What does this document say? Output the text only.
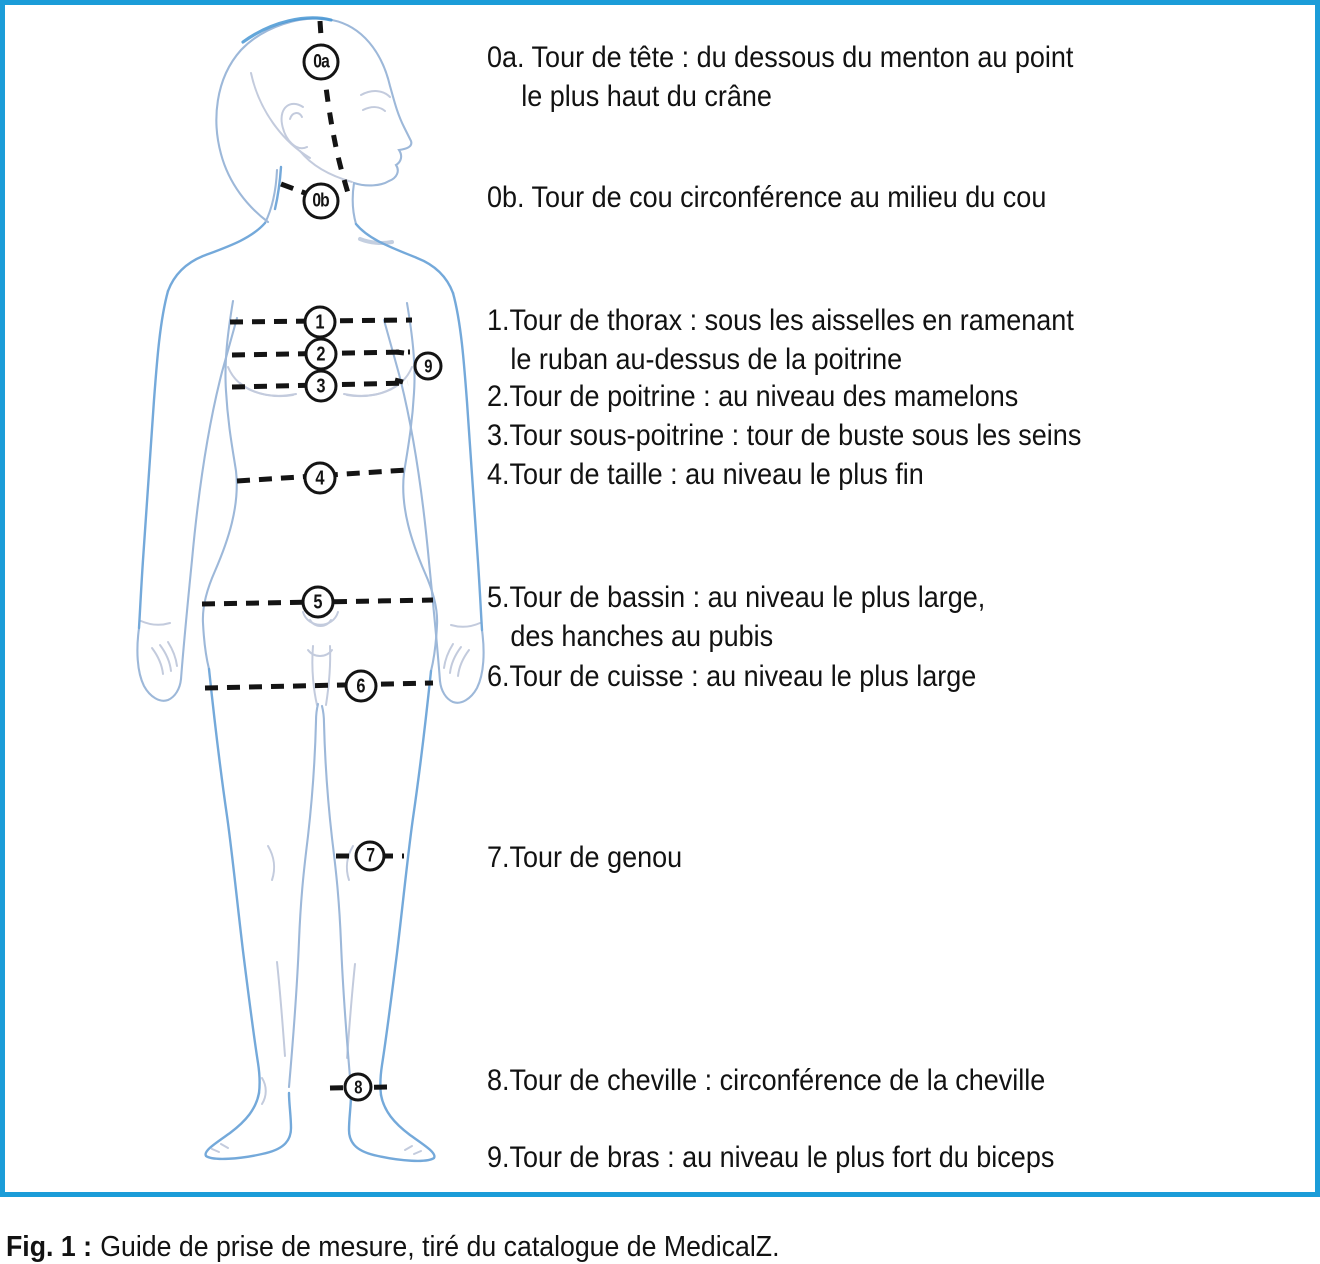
0a
0b
1
2
3
9
4
5
6
7
8
0a. Tour de tête : du dessous du menton au point
le plus haut du crâne
0b. Tour de cou circonférence au milieu du cou
1.Tour de thorax : sous les aisselles en ramenant
le ruban au-dessus de la poitrine
2.Tour de poitrine : au niveau des mamelons
3.Tour sous-poitrine : tour de buste sous les seins
4.Tour de taille : au niveau le plus fin
5.Tour de bassin : au niveau le plus large,
des hanches au pubis
6.Tour de cuisse : au niveau le plus large
7.Tour de genou
8.Tour de cheville : circonférence de la cheville
9.Tour de bras : au niveau le plus fort du biceps
Fig. 1 : Guide de prise de mesure, tiré du catalogue de MedicalZ.
